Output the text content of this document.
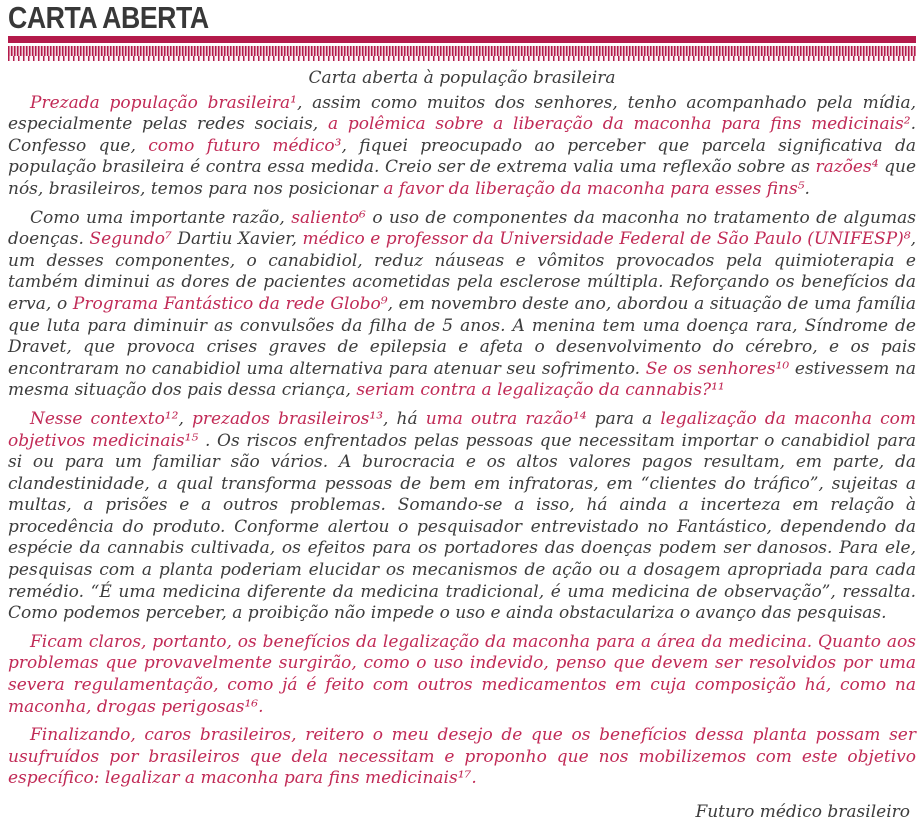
CARTA ABERTA
Carta aberta à população brasileira

Prezada população brasileira¹, assim como muitos dos senhores, tenho acompanhado pela mídia, especialmente pelas redes sociais, a polêmica sobre a liberação da maconha para fins medicinais². Confesso que, como futuro médico³, fiquei preocupado ao perceber que parcela significativa da população brasileira é contra essa medida. Creio ser de extrema valia uma reflexão sobre as razões⁴ que nós, brasileiros, temos para nos posicionar a favor da liberação da maconha para esses fins⁵.

Como uma importante razão, saliento⁶ o uso de componentes da maconha no tratamento de algumas doenças. Segundo⁷ Dartiu Xavier, médico e professor da Universidade Federal de São Paulo (UNIFESP)⁸, um desses componentes, o canabidiol, reduz náuseas e vômitos provocados pela quimioterapia e também diminui as dores de pacientes acometidas pela esclerose múltipla. Reforçando os benefícios da erva, o Programa Fantástico da rede Globo⁹, em novembro deste ano, abordou a situação de uma família que luta para diminuir as convulsões da filha de 5 anos. A menina tem uma doença rara, Síndrome de Dravet, que provoca crises graves de epilepsia e afeta o desenvolvimento do cérebro, e os pais encontraram no canabidiol uma alternativa para atenuar seu sofrimento. Se os senhores¹⁰ estivessem na mesma situação dos pais dessa criança, seriam contra a legalização da cannabis?¹¹

Nesse contexto¹², prezados brasileiros¹³, há uma outra razão¹⁴ para a legalização da maconha com objetivos medicinais¹⁵ . Os riscos enfrentados pelas pessoas que necessitam importar o canabidiol para si ou para um familiar são vários. A burocracia e os altos valores pagos resultam, em parte, da clandestinidade, a qual transforma pessoas de bem em infratoras, em “clientes do tráfico”, sujeitas a multas, a prisões e a outros problemas. Somando-se a isso, há ainda a incerteza em relação à procedência do produto. Conforme alertou o pesquisador entrevistado no Fantástico, dependendo da espécie da cannabis cultivada, os efeitos para os portadores das doenças podem ser danosos. Para ele, pesquisas com a planta poderiam elucidar os mecanismos de ação ou a dosagem apropriada para cada remédio. “É uma medicina diferente da medicina tradicional, é uma medicina de observação”, ressalta. Como podemos perceber, a proibição não impede o uso e ainda obstaculariza o avanço das pesquisas.

Ficam claros, portanto, os benefícios da legalização da maconha para a área da medicina. Quanto aos problemas que provavelmente surgirão, como o uso indevido, penso que devem ser resolvidos por uma severa regulamentação, como já é feito com outros medicamentos em cuja composição há, como na maconha, drogas perigosas¹⁶.

Finalizando, caros brasileiros, reitero o meu desejo de que os benefícios dessa planta possam ser usufruídos por brasileiros que dela necessitam e proponho que nos mobilizemos com este objetivo específico: legalizar a maconha para fins medicinais¹⁷.

Futuro médico brasileiro
